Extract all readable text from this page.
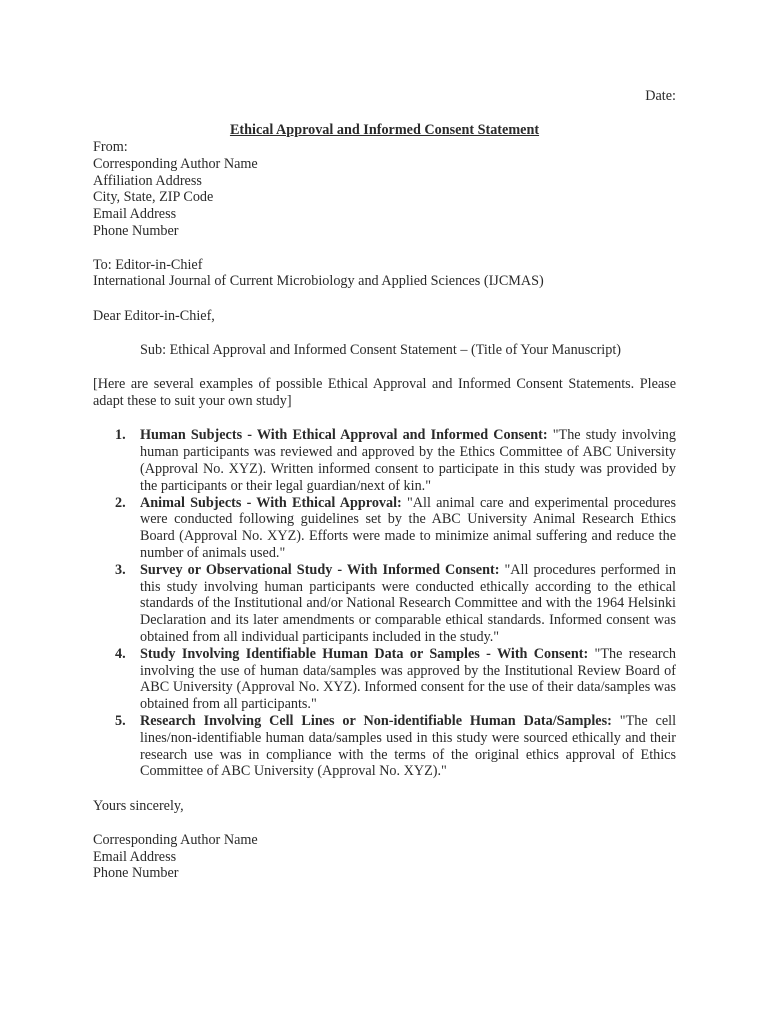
Date:
Ethical Approval and Informed Consent Statement
From:
Corresponding Author Name
Affiliation Address
City, State, ZIP Code
Email Address
Phone Number
To: Editor-in-Chief
International Journal of Current Microbiology and Applied Sciences (IJCMAS)
Dear Editor-in-Chief,
Sub: Ethical Approval and Informed Consent Statement – (Title of Your Manuscript)
[Here are several examples of possible Ethical Approval and Informed Consent Statements. Please adapt these to suit your own study]
1. Human Subjects - With Ethical Approval and Informed Consent: "The study involving human participants was reviewed and approved by the Ethics Committee of ABC University (Approval No. XYZ). Written informed consent to participate in this study was provided by the participants or their legal guardian/next of kin."
2. Animal Subjects - With Ethical Approval: "All animal care and experimental procedures were conducted following guidelines set by the ABC University Animal Research Ethics Board (Approval No. XYZ). Efforts were made to minimize animal suffering and reduce the number of animals used."
3. Survey or Observational Study - With Informed Consent: "All procedures performed in this study involving human participants were conducted ethically according to the ethical standards of the Institutional and/or National Research Committee and with the 1964 Helsinki Declaration and its later amendments or comparable ethical standards. Informed consent was obtained from all individual participants included in the study."
4. Study Involving Identifiable Human Data or Samples - With Consent: "The research involving the use of human data/samples was approved by the Institutional Review Board of ABC University (Approval No. XYZ). Informed consent for the use of their data/samples was obtained from all participants."
5. Research Involving Cell Lines or Non-identifiable Human Data/Samples: "The cell lines/non-identifiable human data/samples used in this study were sourced ethically and their research use was in compliance with the terms of the original ethics approval of Ethics Committee of ABC University (Approval No. XYZ)."
Yours sincerely,
Corresponding Author Name
Email Address
Phone Number
